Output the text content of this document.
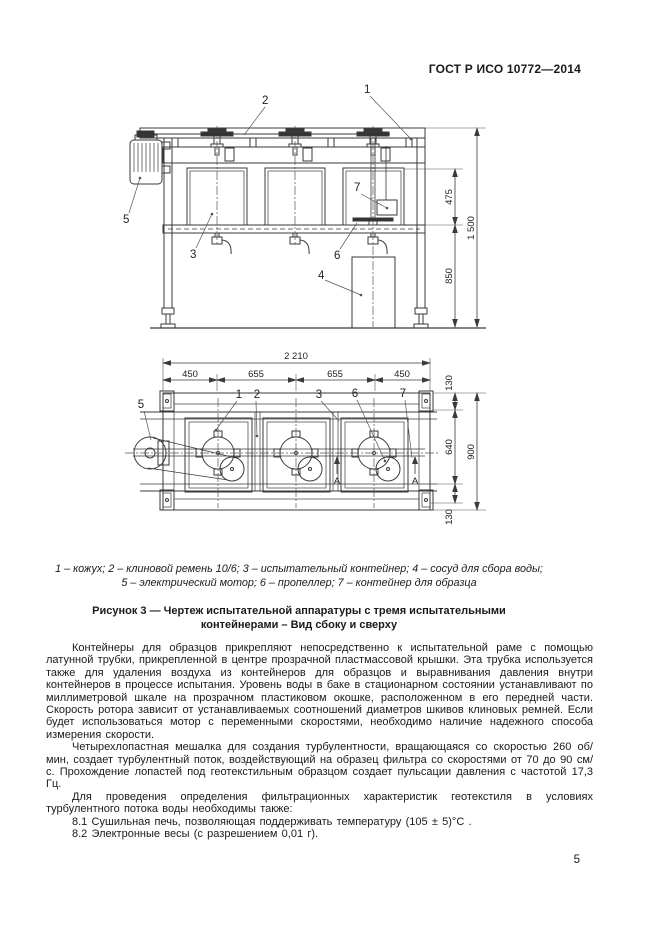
ГОСТ Р ИСО 10772—2014
2
1
5
3	6
4
7
475
850
1 500
2 210
450	655	655	450
130
640
130
900
5
1 2	3	6	7
A	A
1 – кожух; 2 – клиновой ремень 10/6; 3 – испытательный контейнер; 4 – сосуд для сбора воды;
5 – электрический мотор; 6 – пропеллер; 7 – контейнер для образца
Рисунок 3 — Чертеж испытательной аппаратуры с тремя испытательными
контейнерами – Вид сбоку и сверху

Контейнеры для образцов прикрепляют непосредственно к испытательной раме с помощью латунной трубки, прикрепленной в центре прозрачной пластмассовой крышки. Эта трубка используется также для удаления воздуха из контейнеров для образцов и выравнивания давления внутри контейнеров в процессе испытания. Уровень воды в баке в стационарном состоянии устанавливают по миллиметровой шкале на прозрачном пластиковом окошке, расположенном в его передней части. Скорость ротора зависит от устанавливаемых соотношений диаметров шкивов клиновых ремней. Если будет использоваться мотор с переменными скоростями, необходимо наличие надежного способа измерения скорости.

Четырехлопастная мешалка для создания турбулентности, вращающаяся со скоростью 260 об/мин, создает турбулентный поток, воздействующий на образец фильтра со скоростями от 70 до 90 см/с. Прохождение лопастей под геотекстильным образцом создает пульсации давления с частотой 17,3 Гц.

Для проведения определения фильтрационных характеристик геотекстиля в условиях турбулентного потока воды необходимы также:

8.1 Сушильная печь, позволяющая поддерживать температуру (105 ± 5)°С .

8.2 Электронные весы (с разрешением 0,01 г).

5
